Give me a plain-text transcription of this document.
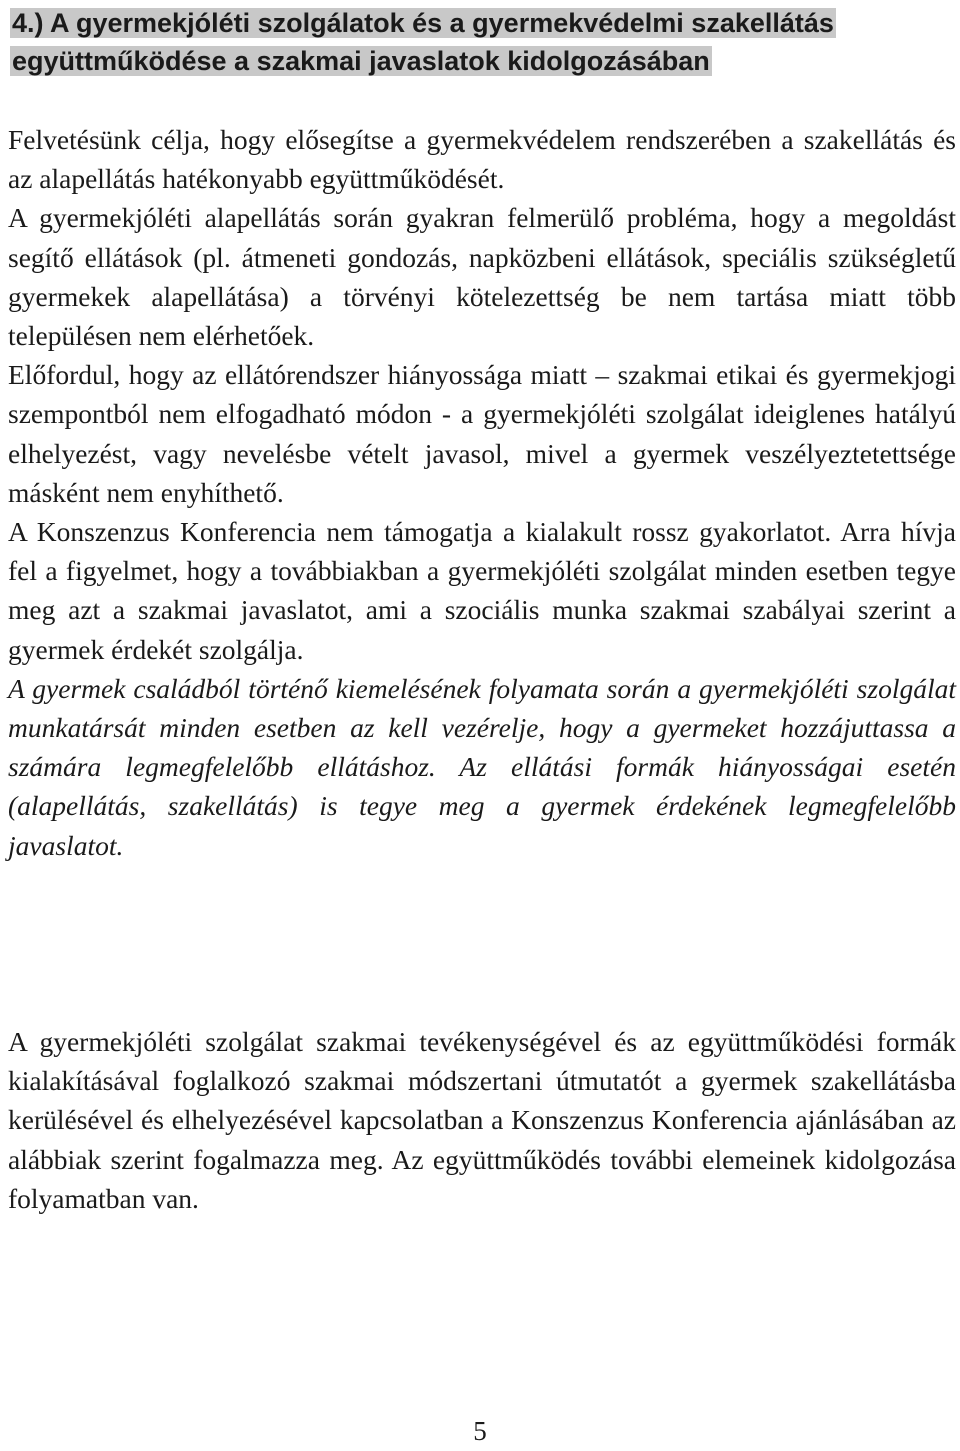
4.) A gyermekjóléti szolgálatok és a gyermekvédelmi szakellátás együttműködése a szakmai javaslatok kidolgozásában

Felvetésünk célja, hogy elősegítse a gyermekvédelem rendszerében a szakellátás és az alapellátás hatékonyabb együttműködését.
A gyermekjóléti alapellátás során gyakran felmerülő probléma, hogy a megoldást segítő ellátások (pl. átmeneti gondozás, napközbeni ellátások, speciális szükségletű gyermekek alapellátása) a törvényi kötelezettség be nem tartása miatt több településen nem elérhetőek.
Előfordul, hogy az ellátórendszer hiányossága miatt – szakmai etikai és gyermekjogi szempontból nem elfogadható módon - a gyermekjóléti szolgálat ideiglenes hatályú elhelyezést, vagy nevelésbe vételt javasol, mivel a gyermek veszélyeztetettsége másként nem enyhíthető.
A Konszenzus Konferencia nem támogatja a kialakult rossz gyakorlatot. Arra hívja fel a figyelmet, hogy a továbbiakban a gyermekjóléti szolgálat minden esetben tegye meg azt a szakmai javaslatot, ami a szociális munka szakmai szabályai szerint a gyermek érdekét szolgálja.
A gyermek családból történő kiemelésének folyamata során a gyermekjóléti szolgálat munkatársát minden esetben az kell vezérelje, hogy a gyermeket hozzájuttassa a számára legmegfelelőbb ellátáshoz. Az ellátási formák hiányosságai esetén (alapellátás, szakellátás) is tegye meg a gyermek érdekének legmegfelelőbb javaslatot.

A gyermekjóléti szolgálat szakmai tevékenységével és az együttműködési formák kialakításával foglalkozó szakmai módszertani útmutatót a gyermek szakellátásba kerülésével és elhelyezésével kapcsolatban a Konszenzus Konferencia ajánlásában az alábbiak szerint fogalmazza meg. Az együttműködés további elemeinek kidolgozása folyamatban van.

5
